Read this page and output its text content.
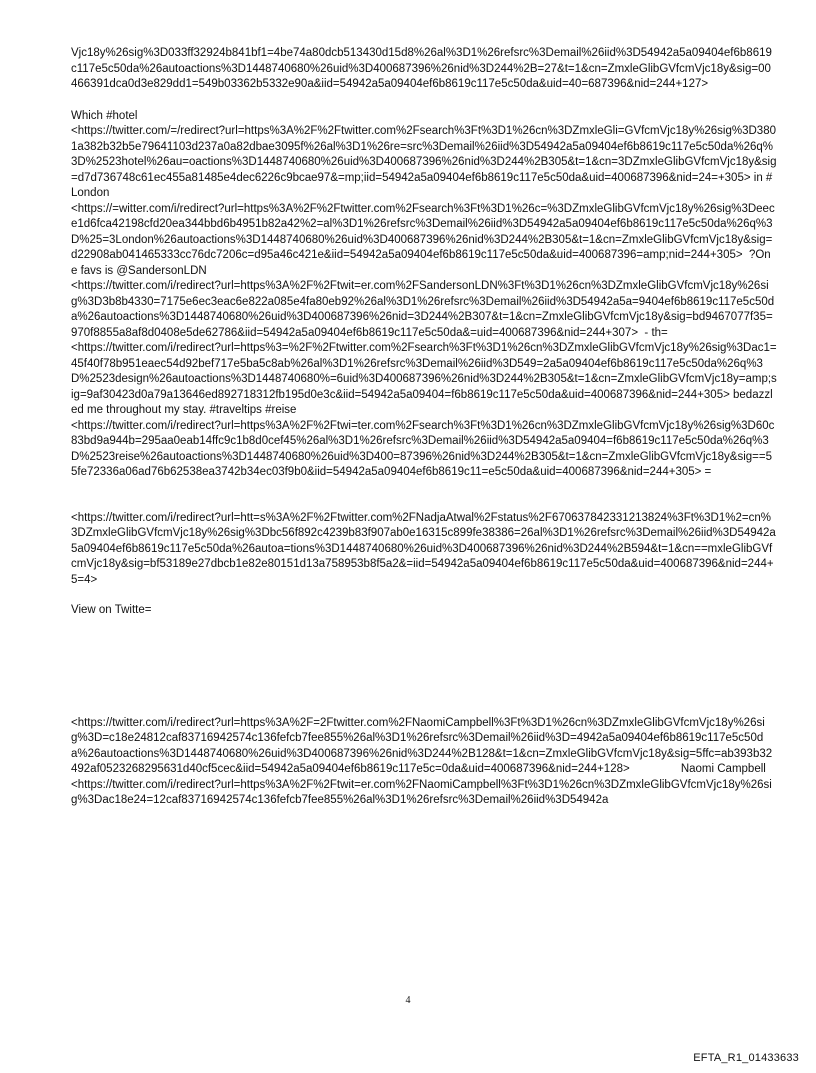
Vjc18y%26sig%3D033ff32924b841bf1=4be74a80dcb513430d15d8%26al%3D1%26refsrc%3Demail%26iid%3D54942a5a09404ef6b8619c117e5c50da%26autoactions%3D1448740680%26uid%3D400687396%26nid%3D244%2B=27&t=1&cn=ZmxleGlibGVfcmVjc18y&sig=00466391dca0d3e829dd1=549b03362b5332e90a&iid=54942a5a09404ef6b8619c117e5c50da&uid=40=687396&nid=244+127>

Which #hotel

<https://twitter.com/=/redirect?url=https%3A%2F%2Ftwitter.com%2Fsearch%3Ft%3D1%26cn%3DZmxleGli=GVfcmVjc18y%26sig%3D3801a382b32b5e79641103d237a0a82dbae3095f%26al%3D1%26re=src%3Demail%26iid%3D54942a5a09404ef6b8619c117e5c50da%26q%3D%2523hotel%26au=oactions%3D1448740680%26uid%3D400687396%26nid%3D244%2B305&t=1&cn=3DZmxleGlibGVfcmVjc18y&sig=d7d736748c61ec455a81485e4dec6226c9bcae97&=mp;iid=54942a5a09404ef6b8619c117e5c50da&uid=400687396&nid=24=+305> in #London
<https://=witter.com/i/redirect?url=https%3A%2F%2Ftwitter.com%2Fsearch%3Ft%3D1%26c=%3DZmxleGlibGVfcmVjc18y%26sig%3Deece1d6fca42198cfd20ea344bbd6b4951b82a42%2=al%3D1%26refsrc%3Demail%26iid%3D54942a5a09404ef6b8619c117e5c50da%26q%3D%25=3London%26autoactions%3D1448740680%26uid%3D400687396%26nid%3D244%2B305&t=1&cn=ZmxleGlibGVfcmVjc18y&sig=d22908ab041465333cc76dc7206c=d95a46c421e&iid=54942a5a09404ef6b8619c117e5c50da&uid=400687396=amp;nid=244+305>  ?One favs is @SandersonLDN
<https://twitter.com/i/redirect?url=https%3A%2F%2Ftwit=er.com%2FSandersonLDN%3Ft%3D1%26cn%3DZmxleGlibGVfcmVjc18y%26sig%3D3b8b4330=7175e6ec3eac6e822a085e4fa80eb92%26al%3D1%26refsrc%3Demail%26iid%3D54942a5a=9404ef6b8619c117e5c50da%26autoactions%3D1448740680%26uid%3D400687396%26nid=3D244%2B307&t=1&cn=ZmxleGlibGVfcmVjc18y&sig=bd9467077f35=970f8855a8af8d0408e5de62786&iid=54942a5a09404ef6b8619c117e5c50da&=uid=400687396&nid=244+307>  - th=
<https://twitter.com/i/redirect?url=https%3=%2F%2Ftwitter.com%2Fsearch%3Ft%3D1%26cn%3DZmxleGlibGVfcmVjc18y%26sig%3Dac1=45f40f78b951eaec54d92bef717e5ba5c8ab%26al%3D1%26refsrc%3Demail%26iid%3D549=2a5a09404ef6b8619c117e5c50da%26q%3D%2523design%26autoactions%3D1448740680%=6uid%3D400687396%26nid%3D244%2B305&t=1&cn=ZmxleGlibGVfcmVjc18y=amp;sig=9af30423d0a79a13646ed892718312fb195d0e3c&iid=54942a5a09404=f6b8619c117e5c50da&uid=400687396&nid=244+305> bedazzled me throughout my stay. #traveltips #reise
<https://twitter.com/i/redirect?url=https%3A%2F%2Ftwi=ter.com%2Fsearch%3Ft%3D1%26cn%3DZmxleGlibGVfcmVjc18y%26sig%3D60c83bd9a944b=295aa0eab14ffc9c1b8d0cef45%26al%3D1%26refsrc%3Demail%26iid%3D54942a5a09404=f6b8619c117e5c50da%26q%3D%2523reise%26autoactions%3D1448740680%26uid%3D400=87396%26nid%3D244%2B305&t=1&cn=ZmxleGlibGVfcmVjc18y&sig==55fe72336a06ad76b62538ea3742b34ec03f9b0&iid=54942a5a09404ef6b8619c11=e5c50da&uid=400687396&nid=244+305> =

<https://twitter.com/i/redirect?url=htt=s%3A%2F%2Ftwitter.com%2FNadjaAtwal%2Fstatus%2F670637842331213824%3Ft%3D1%2=cn%3DZmxleGlibGVfcmVjc18y%26sig%3Dbc56f892c4239b83f907ab0e16315c899fe38386=26al%3D1%26refsrc%3Demail%26iid%3D54942a5a09404ef6b8619c117e5c50da%26autoa=tions%3D1448740680%26uid%3D400687396%26nid%3D244%2B594&t=1&cn==mxleGlibGVfcmVjc18y&sig=bf53189e27dbcb1e82e80151d13a758953b8f5a2&=iid=54942a5a09404ef6b8619c117e5c50da&uid=400687396&nid=244+5=4>

View on Twitte=

<https://twitter.com/i/redirect?url=https%3A%2F=2Ftwitter.com%2FNaomiCampbell%3Ft%3D1%26cn%3DZmxleGlibGVfcmVjc18y%26sig%3D=c18e24812caf83716942574c136fefcb7fee855%26al%3D1%26refsrc%3Demail%26iid%3D=4942a5a09404ef6b8619c117e5c50da%26autoactions%3D1448740680%26uid%3D400687396%26nid%3D244%2B128&t=1&cn=ZmxleGlibGVfcmVjc18y&sig=5ffc=ab393b32492af0523268295631d40cf5cec&iid=54942a5a09404ef6b8619c117e5c=0da&uid=400687396&nid=244+128>                Naomi Campbell
<https://twitter.com/i/redirect?url=https%3A%2F%2Ftwit=er.com%2FNaomiCampbell%3Ft%3D1%26cn%3DZmxleGlibGVfcmVjc18y%26sig%3Dac18e24=12caf83716942574c136fefcb7fee855%26al%3D1%26refsrc%3Demail%26iid%3D54942a

4
EFTA_R1_01433633
